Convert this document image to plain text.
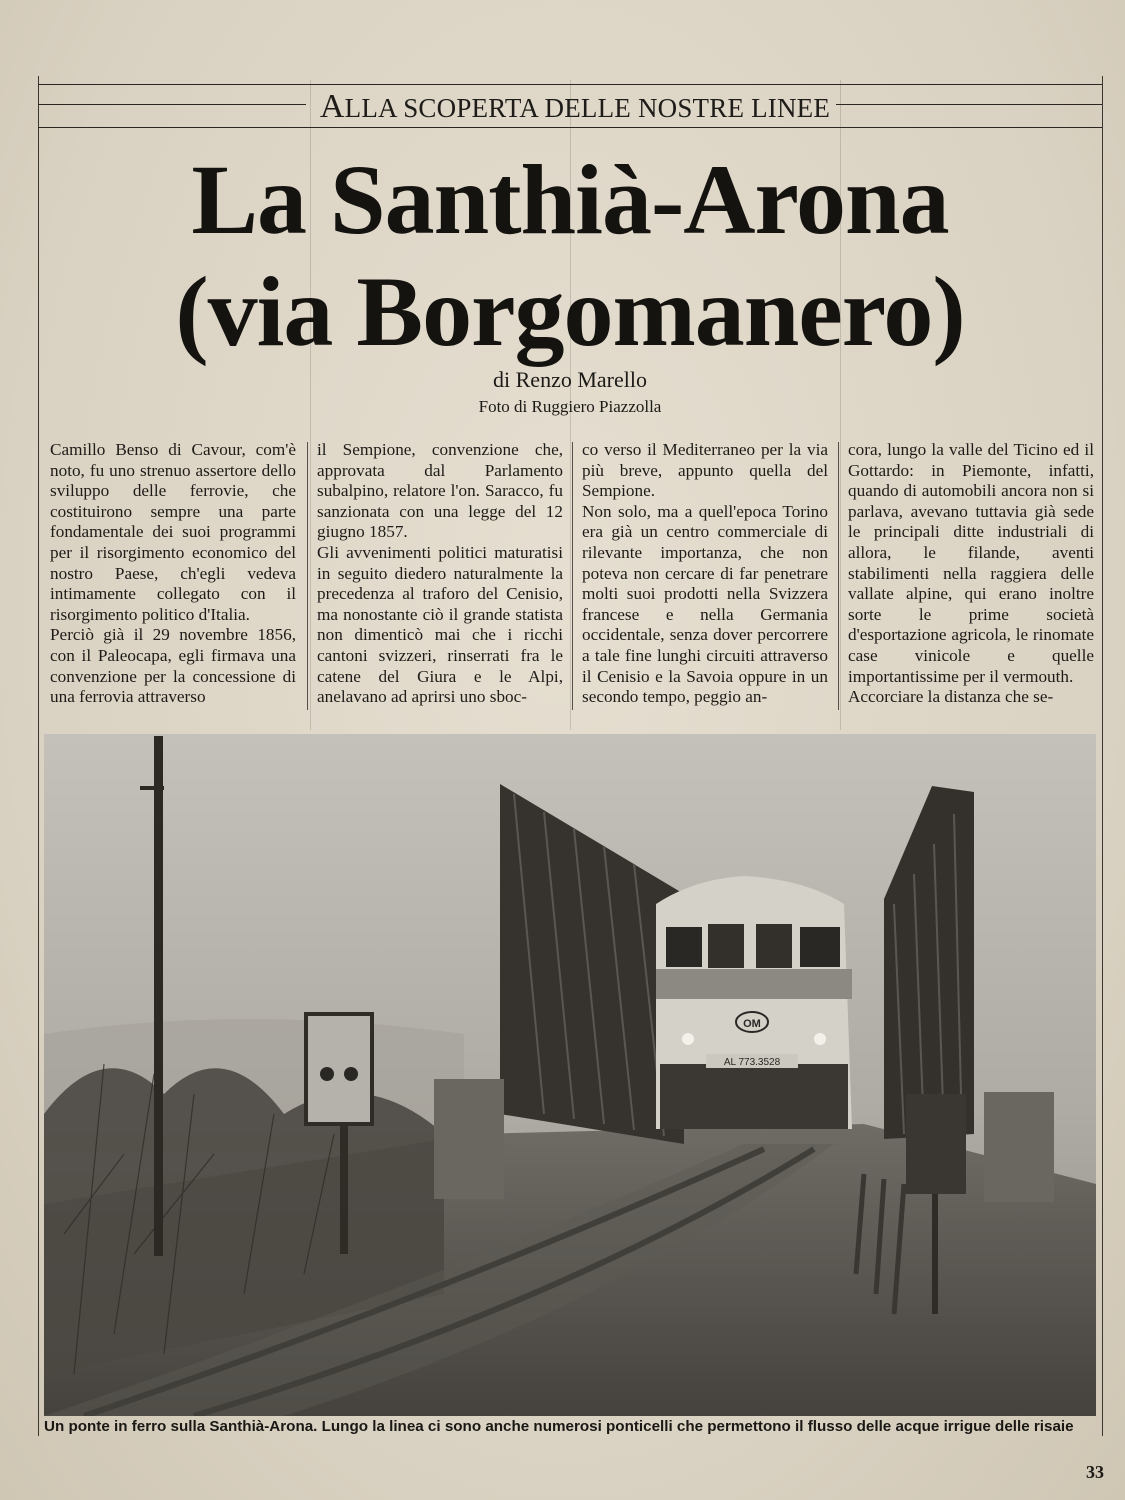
ALLA SCOPERTA DELLE NOSTRE LINEE
La Santhià-Arona
(via Borgomanero)
di Renzo Marello
Foto di Ruggiero Piazzolla

Camillo Benso di Cavour, com'è noto, fu uno strenuo assertore dello sviluppo delle ferrovie, che costituirono sempre una parte fondamentale dei suoi programmi per il risorgimento economico del nostro Paese, ch'egli vedeva intimamente collegato con il risorgimento politico d'Italia.

Perciò già il 29 novembre 1856, con il Paleocapa, egli firmava una convenzione per la concessione di una ferrovia attraverso

il Sempione, convenzione che, approvata dal Parlamento subalpino, relatore l'on. Saracco, fu sanzionata con una legge del 12 giugno 1857.

Gli avvenimenti politici maturatisi in seguito diedero naturalmente la precedenza al traforo del Cenisio, ma nonostante ciò il grande statista non dimenticò mai che i ricchi cantoni svizzeri, rinserrati fra le catene del Giura e le Alpi, anelavano ad aprirsi uno sboc-

co verso il Mediterraneo per la via più breve, appunto quella del Sempione.

Non solo, ma a quell'epoca Torino era già un centro commerciale di rilevante importanza, che non poteva non cercare di far penetrare molti suoi prodotti nella Svizzera francese e nella Germania occidentale, senza dover percorrere a tale fine lunghi circuiti attraverso il Cenisio e la Savoia oppure in un secondo tempo, peggio an-

cora, lungo la valle del Ticino ed il Gottardo: in Piemonte, infatti, quando di automobili ancora non si parlava, avevano tuttavia già sede le principali ditte industriali di allora, le filande, aventi stabilimenti nella raggiera delle vallate alpine, qui erano inoltre sorte le prime società d'esportazione agricola, le rinomate case vinicole e quelle importantissime per il vermouth.

Accorciare la distanza che se-

OM
AL 773.3528
Un ponte in ferro sulla Santhià-Arona. Lungo la linea ci sono anche numerosi ponticelli che permettono il flusso delle acque irrigue delle risaie
33
